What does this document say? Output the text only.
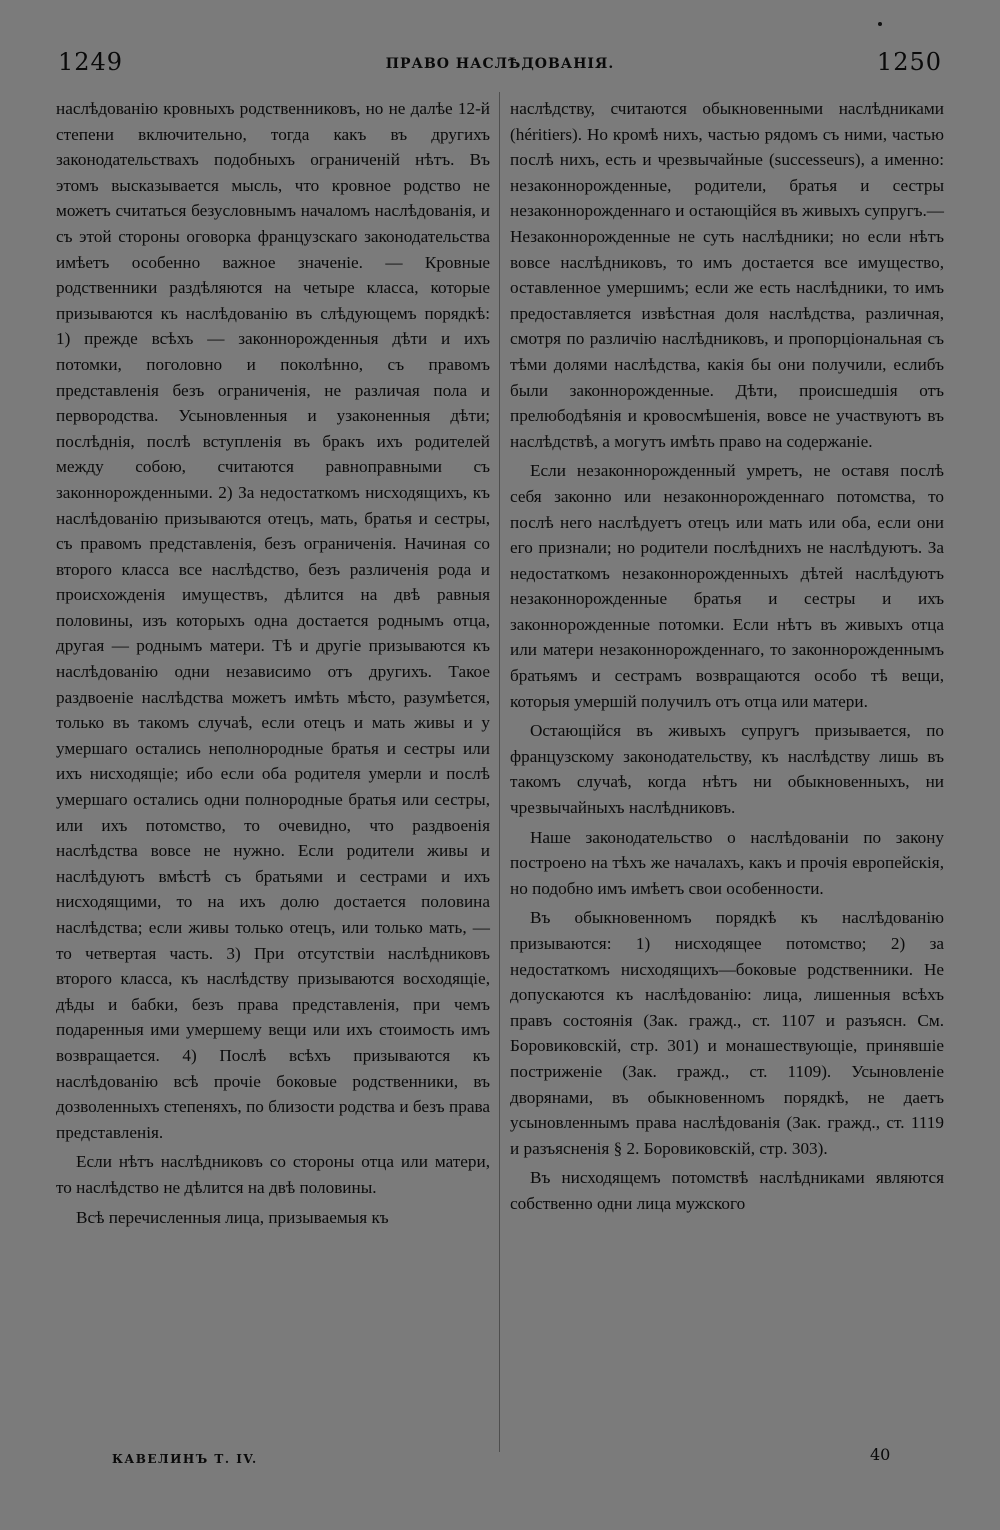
1249	ПРАВО НАСЛѢДОВАНІЯ.	1250

наслѣдованію кровныхъ родственниковъ, но не далѣе 12-й степени включительно, тогда какъ въ другихъ законодательствахъ подобныхъ ограниченій нѣтъ. Въ этомъ высказывается мысль, что кровное родство не можетъ считаться безусловнымъ началомъ наслѣдованія, и съ этой стороны оговорка французскаго законодательства имѣетъ особенно важное значеніе. — Кровные родственники раздѣляются на четыре класса, которые призываются къ наслѣдованію въ слѣдующемъ порядкѣ: 1) прежде всѣхъ — законнорожденныя дѣти и ихъ потомки, поголовно и поколѣнно, съ правомъ представленія безъ ограниченія, не различая пола и первородства. Усыновленныя и узаконенныя дѣти; послѣднія, послѣ вступленія въ бракъ ихъ родителей между собою, считаются равноправными съ законнорожденными. 2) За недостаткомъ нисходящихъ, къ наслѣдованію призываются отецъ, мать, братья и сестры, съ правомъ представленія, безъ ограниченія. Начиная со второго класса все наслѣдство, безъ различенія рода и происхожденія имуществъ, дѣлится на двѣ равныя половины, изъ которыхъ одна достается роднымъ отца, другая — роднымъ матери. Тѣ и другіе призываются къ наслѣдованію одни независимо отъ другихъ. Такое раздвоеніе наслѣдства можетъ имѣть мѣсто, разумѣется, только въ такомъ случаѣ, если отецъ и мать живы и у умершаго остались неполнородные братья и сестры или ихъ нисходящіе; ибо если оба родителя умерли и послѣ умершаго остались одни полнородные братья или сестры, или ихъ потомство, то очевидно, что раздвоенія наслѣдства вовсе не нужно. Если родители живы и наслѣдуютъ вмѣстѣ съ братьями и сестрами и ихъ нисходящими, то на ихъ долю достается половина наслѣдства; если живы только отецъ, или только мать, — то четвертая часть. 3) При отсутствіи наслѣдниковъ второго класса, къ наслѣдству призываются восходящіе, дѣды и бабки, безъ права представленія, при чемъ подаренныя ими умершему вещи или ихъ стоимость имъ возвращается. 4) Послѣ всѣхъ призываются къ наслѣдованію всѣ прочіе боковые родственники, въ дозволенныхъ степеняхъ, по близости родства и безъ права представленія.

Если нѣтъ наслѣдниковъ со стороны отца или матери, то наслѣдство не дѣлится на двѣ половины.

Всѣ перечисленныя лица, призываемыя къ

наслѣдству, считаются обыкновенными наслѣдниками (héritiers). Но кромѣ нихъ, частью рядомъ съ ними, частью послѣ нихъ, есть и чрезвычайные (successeurs), а именно: незаконнорожденные, родители, братья и сестры незаконнорожденнаго и остающійся въ живыхъ супругъ.—Незаконнорожденные не суть наслѣдники; но если нѣтъ вовсе наслѣдниковъ, то имъ достается все имущество, оставленное умершимъ; если же есть наслѣдники, то имъ предоставляется извѣстная доля наслѣдства, различная, смотря по различію наслѣдниковъ, и пропорціональная съ тѣми долями наслѣдства, какія бы они получили, еслибъ были законнорожденные. Дѣти, происшедшія отъ прелюбодѣянія и кровосмѣшенія, вовсе не участвуютъ въ наслѣдствѣ, а могутъ имѣть право на содержаніе.

Если незаконнорожденный умретъ, не оставя послѣ себя законно или незаконнорожденнаго потомства, то послѣ него наслѣдуетъ отецъ или мать или оба, если они его признали; но родители послѣднихъ не наслѣдуютъ. За недостаткомъ незаконнорожденныхъ дѣтей наслѣдуютъ незаконнорожденные братья и сестры и ихъ законнорожденные потомки. Если нѣтъ въ живыхъ отца или матери незаконнорожденнаго, то законнорожденнымъ братьямъ и сестрамъ возвращаются особо тѣ вещи, которыя умершій получилъ отъ отца или матери.

Остающійся въ живыхъ супругъ призывается, по французскому законодательству, къ наслѣдству лишь въ такомъ случаѣ, когда нѣтъ ни обыкновенныхъ, ни чрезвычайныхъ наслѣдниковъ.

Наше законодательство о наслѣдованіи по закону построено на тѣхъ же началахъ, какъ и прочія европейскія, но подобно имъ имѣетъ свои особенности.

Въ обыкновенномъ порядкѣ къ наслѣдованію призываются: 1) нисходящее потомство; 2) за недостаткомъ нисходящихъ—боковые родственники. Не допускаются къ наслѣдованію: лица, лишенныя всѣхъ правъ состоянія (Зак. гражд., ст. 1107 и разъясн. См. Боровиковскій, стр. 301) и монашествующіе, принявшіе постриженіе (Зак. гражд., ст. 1109). Усыновленіе дворянами, въ обыкновенномъ порядкѣ, не даетъ усыновленнымъ права наслѣдованія (Зак. гражд., ст. 1119 и разъясненія § 2. Боровиковскій, стр. 303).

Въ нисходящемъ потомствѣ наслѣдниками являются собственно одни лица мужского

КАВЕЛИНЪ Т. IV.	40
